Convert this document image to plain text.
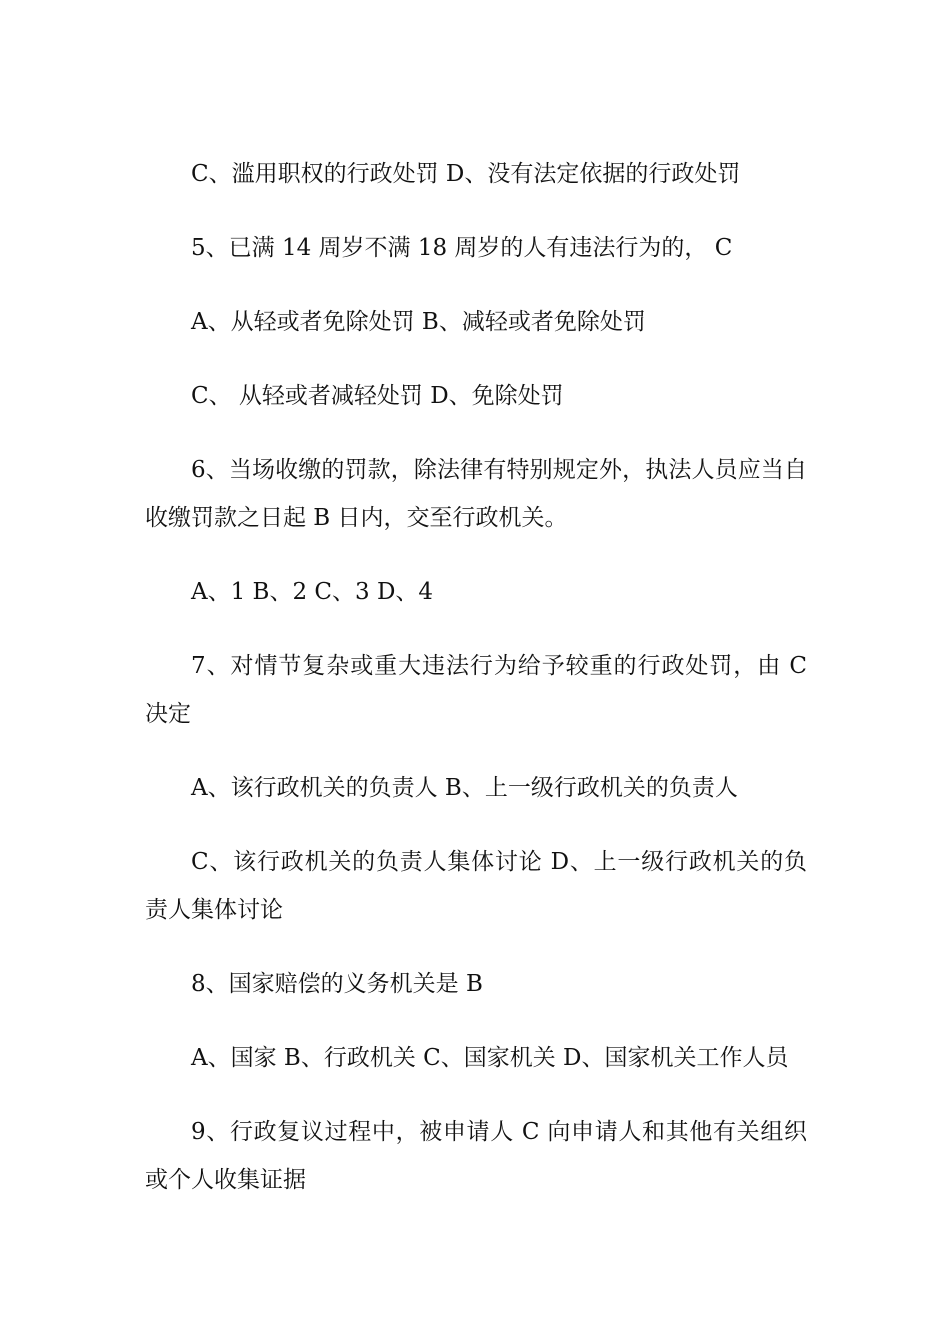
C、滥用职权的行政处罚 D、没有法定依据的行政处罚

5、已满 14 周岁不满 18 周岁的人有违法行为的， C

A、从轻或者免除处罚 B、减轻或者免除处罚

C、 从轻或者减轻处罚 D、免除处罚

6、当场收缴的罚款，除法律有特别规定外，执法人员应当自收缴罚款之日起 B 日内，交至行政机关。

A、1 B、2 C、3 D、4

7、对情节复杂或重大违法行为给予较重的行政处罚，由 C 决定

A、该行政机关的负责人 B、上一级行政机关的负责人

C、该行政机关的负责人集体讨论 D、上一级行政机关的负责人集体讨论

8、国家赔偿的义务机关是 B

A、国家 B、行政机关 C、国家机关 D、国家机关工作人员

9、行政复议过程中，被申请人 C 向申请人和其他有关组织或个人收集证据
